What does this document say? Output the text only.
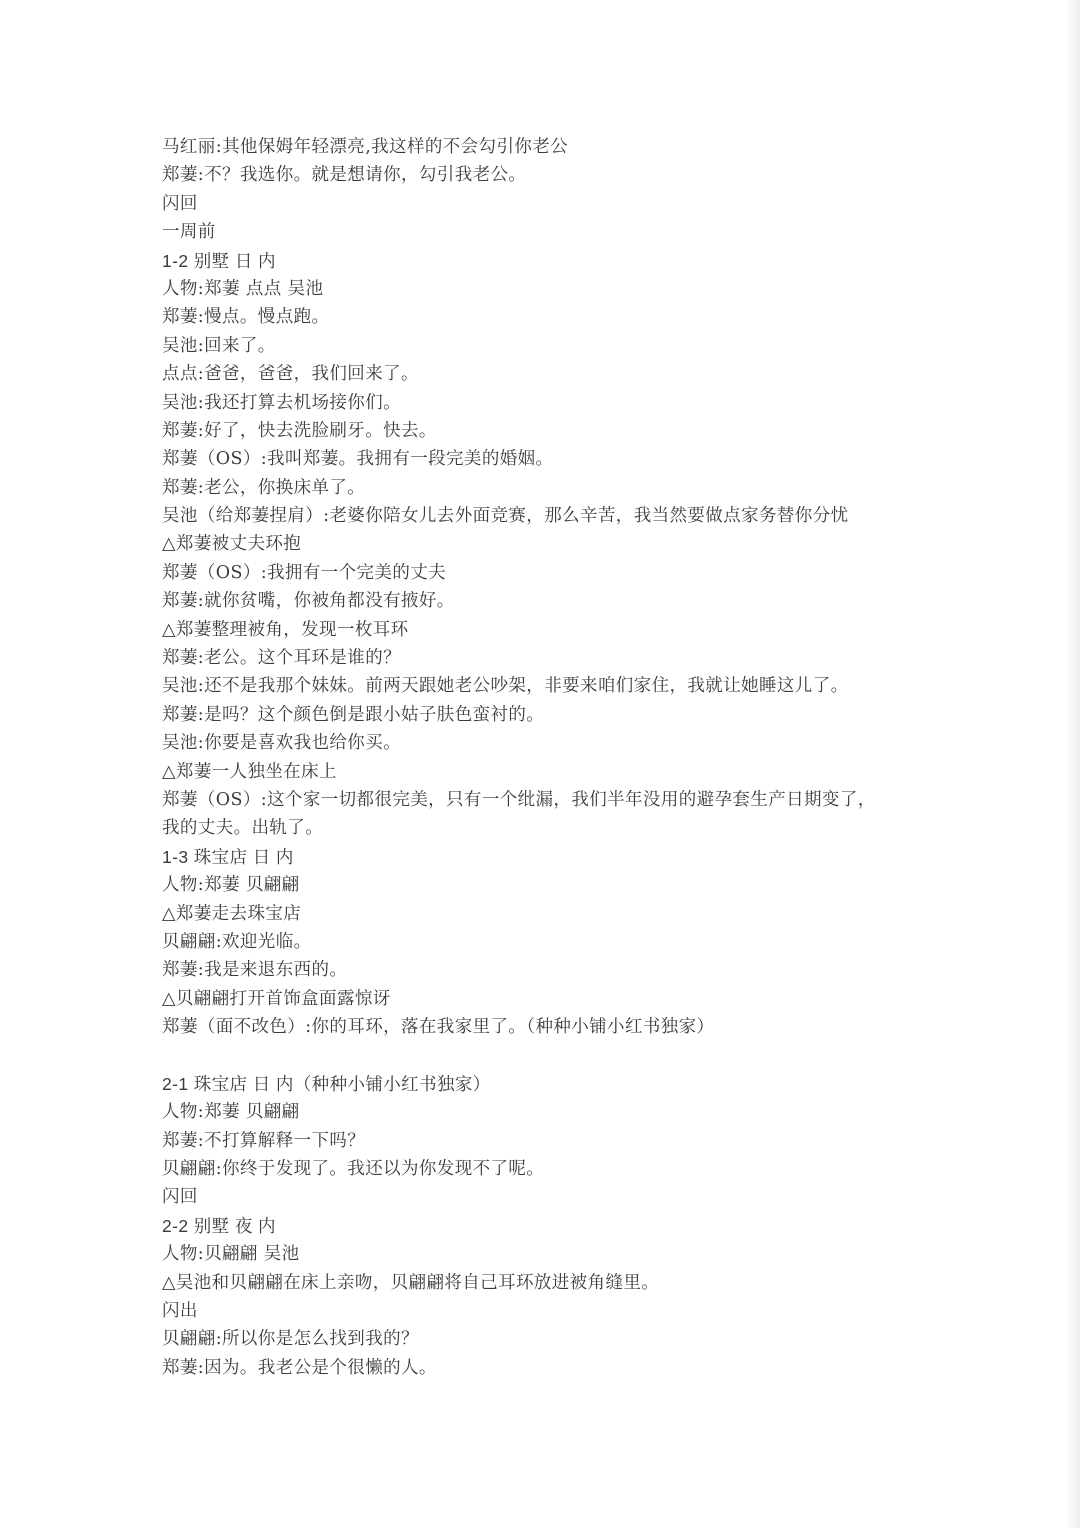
马红丽:其他保姆年轻漂亮,我这样的不会勾引你老公
郑萋:不？我选你。就是想请你，勾引我老公。
闪回
一周前
1-2 别墅 日 内
人物:郑萋 点点 吴池
郑萋:慢点。慢点跑。
吴池:回来了。
点点:爸爸，爸爸，我们回来了。
吴池:我还打算去机场接你们。
郑萋:好了，快去洗脸刷牙。快去。
郑萋（OS）:我叫郑萋。我拥有一段完美的婚姻。
郑萋:老公，你换床单了。
吴池（给郑萋捏肩）:老婆你陪女儿去外面竞赛，那么辛苦，我当然要做点家务替你分忧
△郑萋被丈夫环抱
郑萋（OS）:我拥有一个完美的丈夫
郑萋:就你贫嘴，你被角都没有掖好。
△郑萋整理被角，发现一枚耳环
郑萋:老公。这个耳环是谁的？
吴池:还不是我那个妹妹。前两天跟她老公吵架，非要来咱们家住，我就让她睡这儿了。
郑萋:是吗？这个颜色倒是跟小姑子肤色蛮衬的。
吴池:你要是喜欢我也给你买。
△郑萋一人独坐在床上
郑萋（OS）:这个家一切都很完美，只有一个纰漏，我们半年没用的避孕套生产日期变了，
我的丈夫。出轨了。
1-3 珠宝店 日 内
人物:郑萋 贝翩翩
△郑萋走去珠宝店
贝翩翩:欢迎光临。
郑萋:我是来退东西的。
△贝翩翩打开首饰盒面露惊讶
郑萋（面不改色）:你的耳环，落在我家里了。（种种小铺小红书独家）
2-1 珠宝店 日 内（种种小铺小红书独家）
人物:郑萋 贝翩翩
郑萋:不打算解释一下吗？
贝翩翩:你终于发现了。我还以为你发现不了呢。
闪回
2-2 别墅 夜 内
人物:贝翩翩 吴池
△吴池和贝翩翩在床上亲吻，贝翩翩将自己耳环放进被角缝里。
闪出
贝翩翩:所以你是怎么找到我的？
郑萋:因为。我老公是个很懒的人。
